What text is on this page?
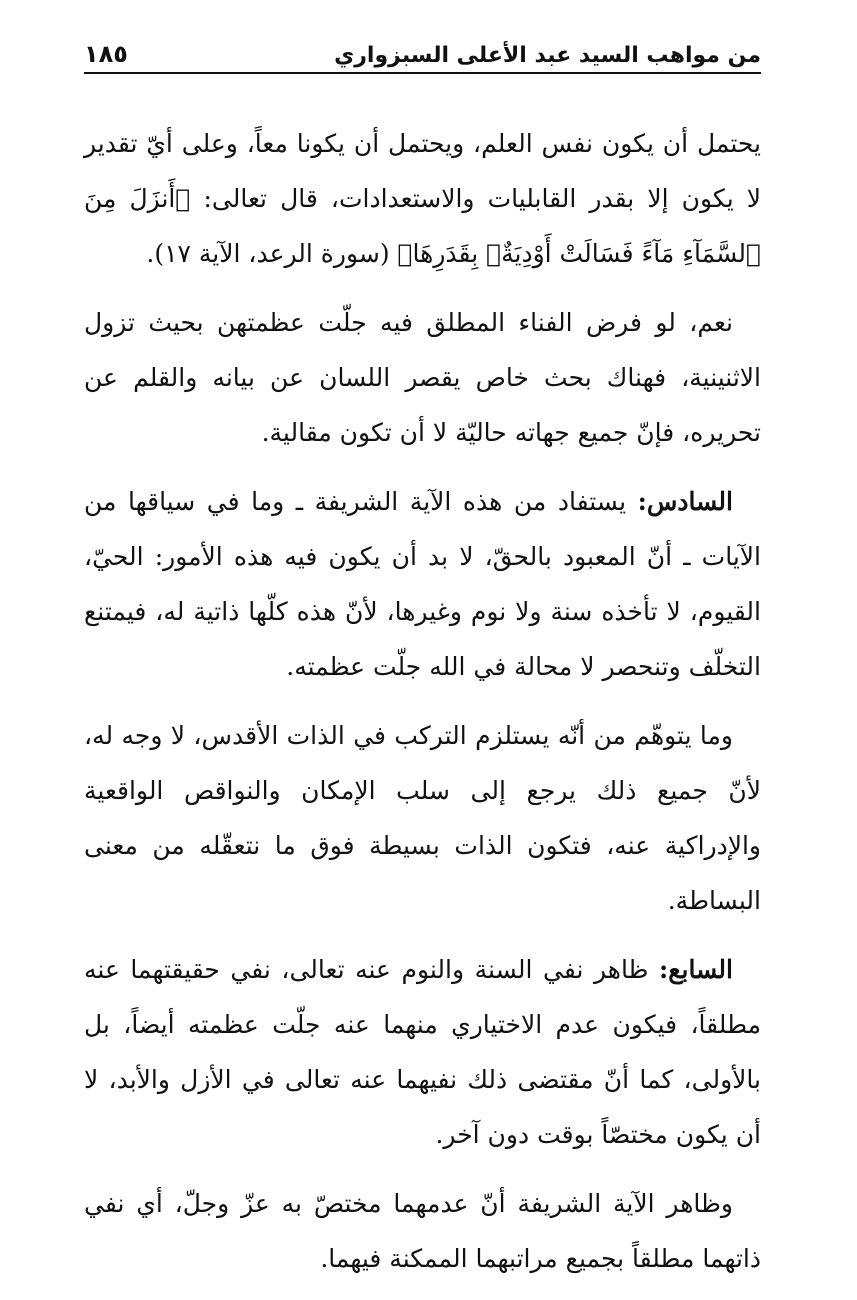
من مواهب السيد عبد الأعلى السبزواري
١٨٥

يحتمل أن يكون نفس العلم، ويحتمل أن يكونا معاً، وعلى أيّ تقدير لا يكون إلا بقدر القابليات والاستعدادات، قال تعالى: ﴿أَنزَلَ مِنَ ٱلسَّمَآءِ مَآءً فَسَالَتْ أَوْدِيَةٌۢ بِقَدَرِهَا﴾ (سورة الرعد، الآية ١٧).

نعم، لو فرض الفناء المطلق فيه جلّت عظمتهن بحيث تزول الاثنينية، فهناك بحث خاص يقصر اللسان عن بيانه والقلم عن تحريره، فإنّ جميع جهاته حاليّة لا أن تكون مقالية.

السادس: يستفاد من هذه الآية الشريفة ـ وما في سياقها من الآيات ـ أنّ المعبود بالحقّ، لا بد أن يكون فيه هذه الأمور: الحيّ، القيوم، لا تأخذه سنة ولا نوم وغيرها، لأنّ هذه كلّها ذاتية له، فيمتنع التخلّف وتنحصر لا محالة في الله جلّت عظمته.

وما يتوهّم من أنّه يستلزم التركب في الذات الأقدس، لا وجه له، لأنّ جميع ذلك يرجع إلى سلب الإمكان والنواقص الواقعية والإدراكية عنه، فتكون الذات بسيطة فوق ما نتعقّله من معنى البساطة.

السابع: ظاهر نفي السنة والنوم عنه تعالى، نفي حقيقتهما عنه مطلقاً، فيكون عدم الاختياري منهما عنه جلّت عظمته أيضاً، بل بالأولى، كما أنّ مقتضى ذلك نفيهما عنه تعالى في الأزل والأبد، لا أن يكون مختصّاً بوقت دون آخر.

وظاهر الآية الشريفة أنّ عدمهما مختصّ به عزّ وجلّ، أي نفي ذاتهما مطلقاً بجميع مراتبهما الممكنة فيهما.
